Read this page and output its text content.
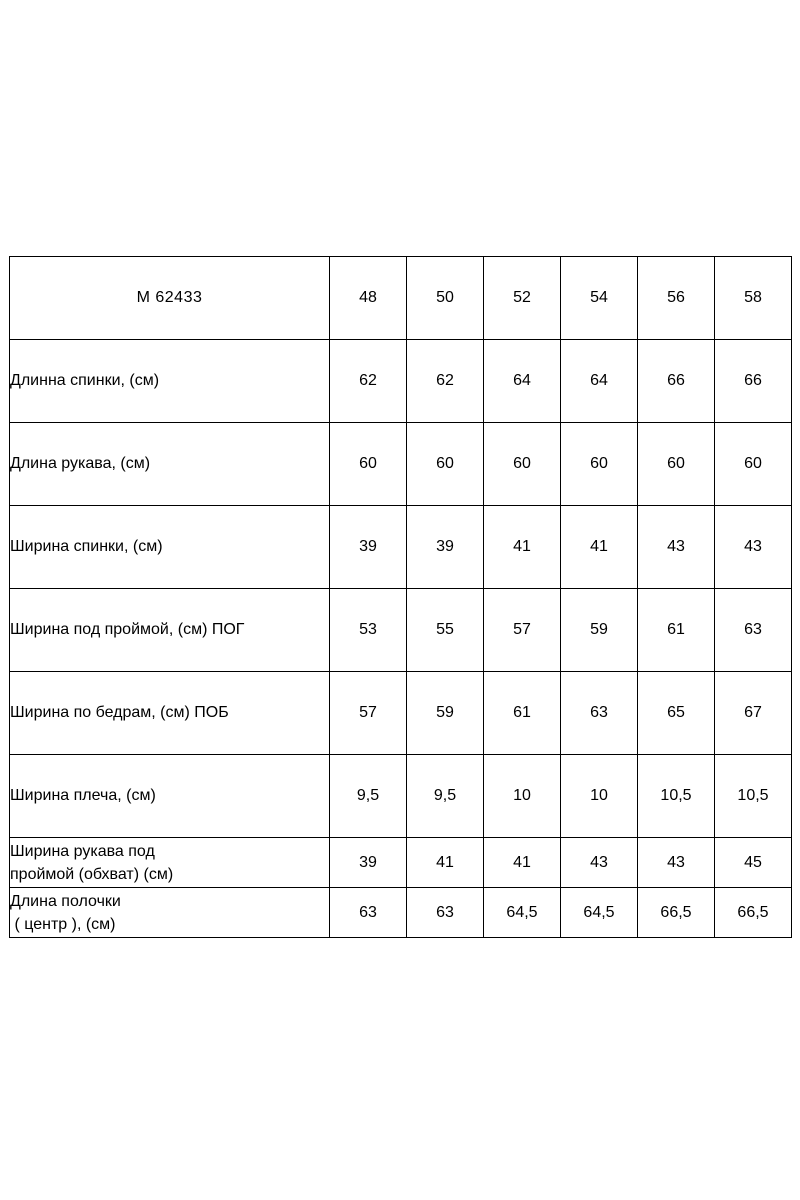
М 62433	48	50	52	54	56	58
Длинна спинки, (см)	62	62	64	64	66	66
Длина рукава, (см)	60	60	60	60	60	60
Ширина спинки, (см)	39	39	41	41	43	43
Ширина под проймой, (см) ПОГ	53	55	57	59	61	63
Ширина по бедрам, (см) ПОБ	57	59	61	63	65	67
Ширина плеча, (см)	9,5	9,5	10	10	10,5	10,5
Ширина рукава под
проймой (обхват) (см)	39	41	41	43	43	45
Длина полочки
( центр ), (см)	63	63	64,5	64,5	66,5	66,5
